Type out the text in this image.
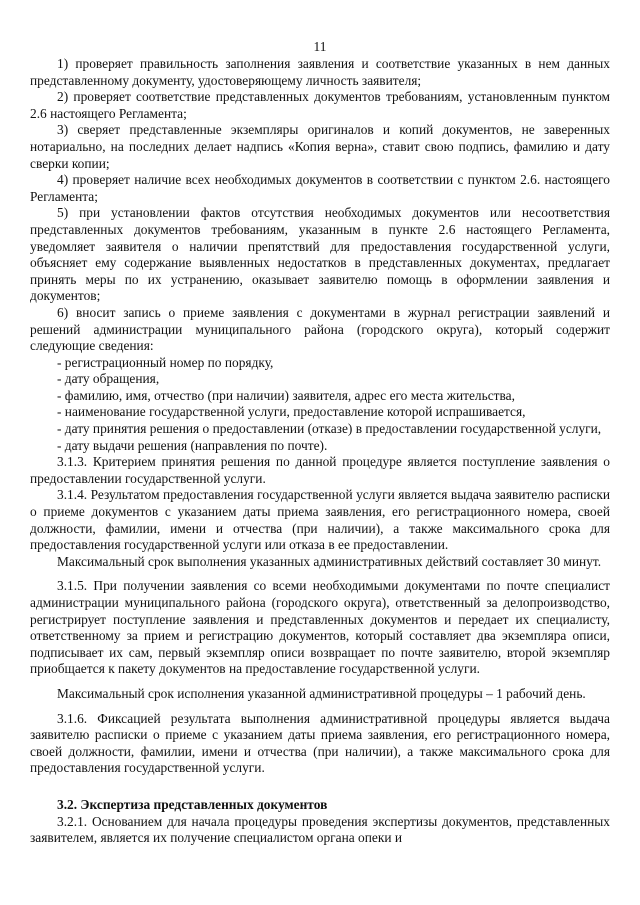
11

1) проверяет правильность заполнения заявления и соответствие указанных в нем данных представленному документу, удостоверяющему личность заявителя;

2) проверяет соответствие представленных документов требованиям, установленным пунктом 2.6 настоящего Регламента;

3) сверяет представленные экземпляры оригиналов и копий документов, не заверенных нотариально, на последних делает надпись «Копия верна», ставит свою подпись, фамилию и дату сверки копии;

4) проверяет наличие всех необходимых документов в соответствии с пунктом 2.6. настоящего Регламента;

5) при установлении фактов отсутствия необходимых документов или несоответствия представленных документов требованиям, указанным в пункте 2.6 настоящего Регламента, уведомляет заявителя о наличии препятствий для предоставления государственной услуги, объясняет ему содержание выявленных недостатков в представленных документах, предлагает принять меры по их устранению, оказывает заявителю помощь в оформлении заявления и документов;

6) вносит запись о приеме заявления с документами в журнал регистрации заявлений и решений администрации муниципального района (городского округа), который содержит следующие сведения:

- регистрационный номер по порядку,

- дату обращения,

- фамилию, имя, отчество (при наличии) заявителя, адрес его места жительства,

- наименование государственной услуги, предоставление которой испрашивается,

- дату принятия решения о предоставлении (отказе) в предоставлении государственной услуги,

- дату выдачи решения (направления по почте).

3.1.3. Критерием принятия решения по данной процедуре является поступление заявления о предоставлении государственной услуги.

3.1.4. Результатом предоставления государственной услуги является выдача заявителю расписки о приеме документов с указанием даты приема заявления, его регистрационного номера, своей должности, фамилии, имени и отчества (при наличии), а также максимального срока для предоставления государственной услуги или отказа в ее предоставлении.

Максимальный срок выполнения указанных административных действий составляет 30 минут.

3.1.5. При получении заявления со всеми необходимыми документами по почте специалист администрации муниципального района (городского округа), ответственный за делопроизводство, регистрирует поступление заявления и представленных документов и передает их специалисту, ответственному за прием и регистрацию документов, который составляет два экземпляра описи, подписывает их сам, первый экземпляр описи возвращает по почте заявителю, второй экземпляр приобщается к пакету документов на предоставление государственной услуги.

Максимальный срок исполнения указанной административной процедуры – 1 рабочий день.

3.1.6. Фиксацией результата выполнения административной процедуры является выдача заявителю расписки о приеме с указанием даты приема заявления, его регистрационного номера, своей должности, фамилии, имени и отчества (при наличии), а также максимального срока для предоставления государственной услуги.

3.2. Экспертиза представленных документов

3.2.1. Основанием для начала процедуры проведения экспертизы документов, представленных заявителем, является их получение специалистом органа опеки и
